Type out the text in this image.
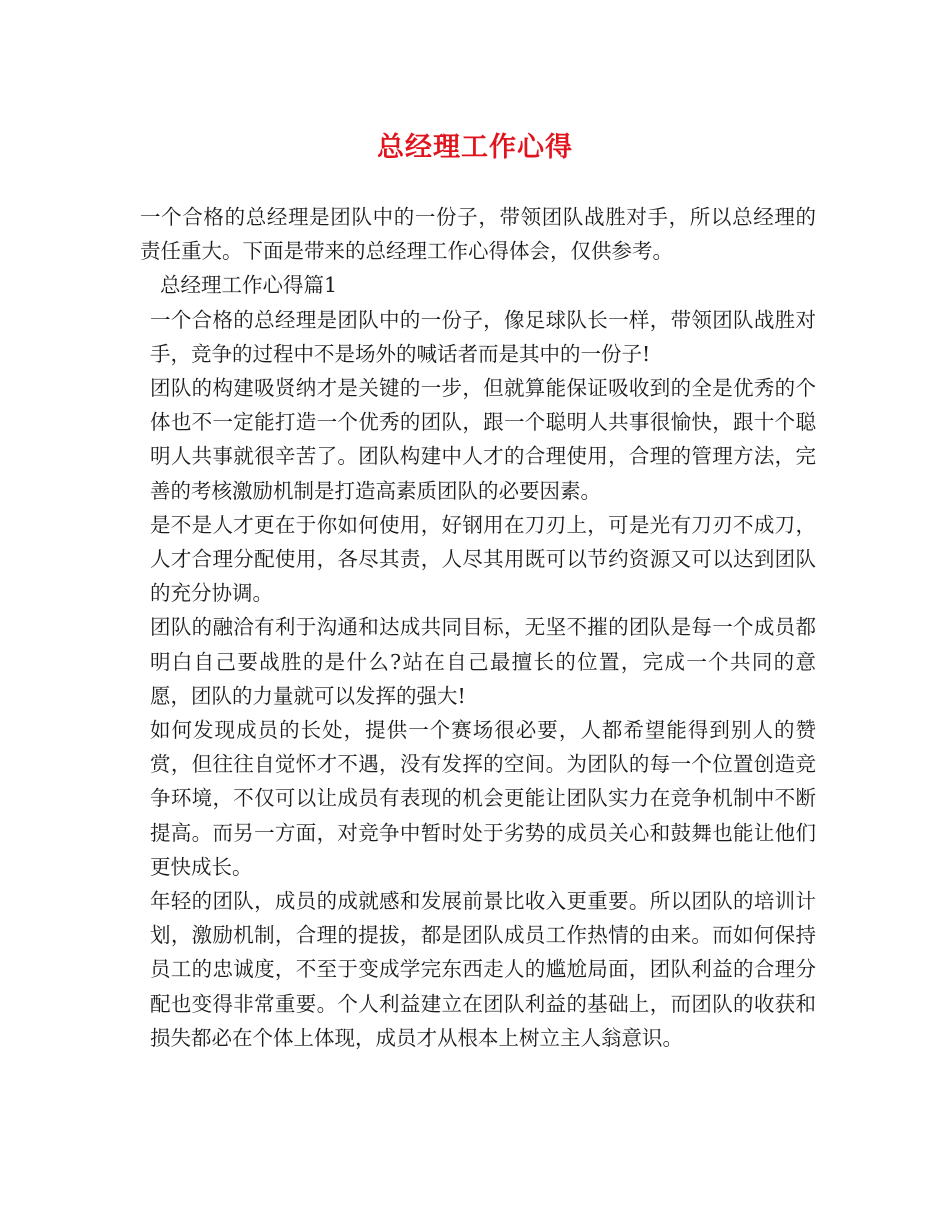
总经理工作心得

一个合格的总经理是团队中的一份子，带领团队战胜对手，所以总经理的责任重大。下面是带来的总经理工作心得体会，仅供参考。

总经理工作心得篇1

一个合格的总经理是团队中的一份子，像足球队长一样，带领团队战胜对手，竞争的过程中不是场外的喊话者而是其中的一份子!

团队的构建吸贤纳才是关键的一步，但就算能保证吸收到的全是优秀的个体也不一定能打造一个优秀的团队，跟一个聪明人共事很愉快，跟十个聪明人共事就很辛苦了。团队构建中人才的合理使用，合理的管理方法，完善的考核激励机制是打造高素质团队的必要因素。

是不是人才更在于你如何使用，好钢用在刀刃上，可是光有刀刃不成刀，人才合理分配使用，各尽其责，人尽其用既可以节约资源又可以达到团队的充分协调。

团队的融洽有利于沟通和达成共同目标，无坚不摧的团队是每一个成员都明白自己要战胜的是什么?站在自己最擅长的位置，完成一个共同的意愿，团队的力量就可以发挥的强大!

如何发现成员的长处，提供一个赛场很必要，人都希望能得到别人的赞赏，但往往自觉怀才不遇，没有发挥的空间。为团队的每一个位置创造竞争环境，不仅可以让成员有表现的机会更能让团队实力在竞争机制中不断提高。而另一方面，对竞争中暂时处于劣势的成员关心和鼓舞也能让他们更快成长。

年轻的团队，成员的成就感和发展前景比收入更重要。所以团队的培训计划，激励机制，合理的提拔，都是团队成员工作热情的由来。而如何保持员工的忠诚度，不至于变成学完东西走人的尴尬局面，团队利益的合理分配也变得非常重要。个人利益建立在团队利益的基础上，而团队的收获和损失都必在个体上体现，成员才从根本上树立主人翁意识。
